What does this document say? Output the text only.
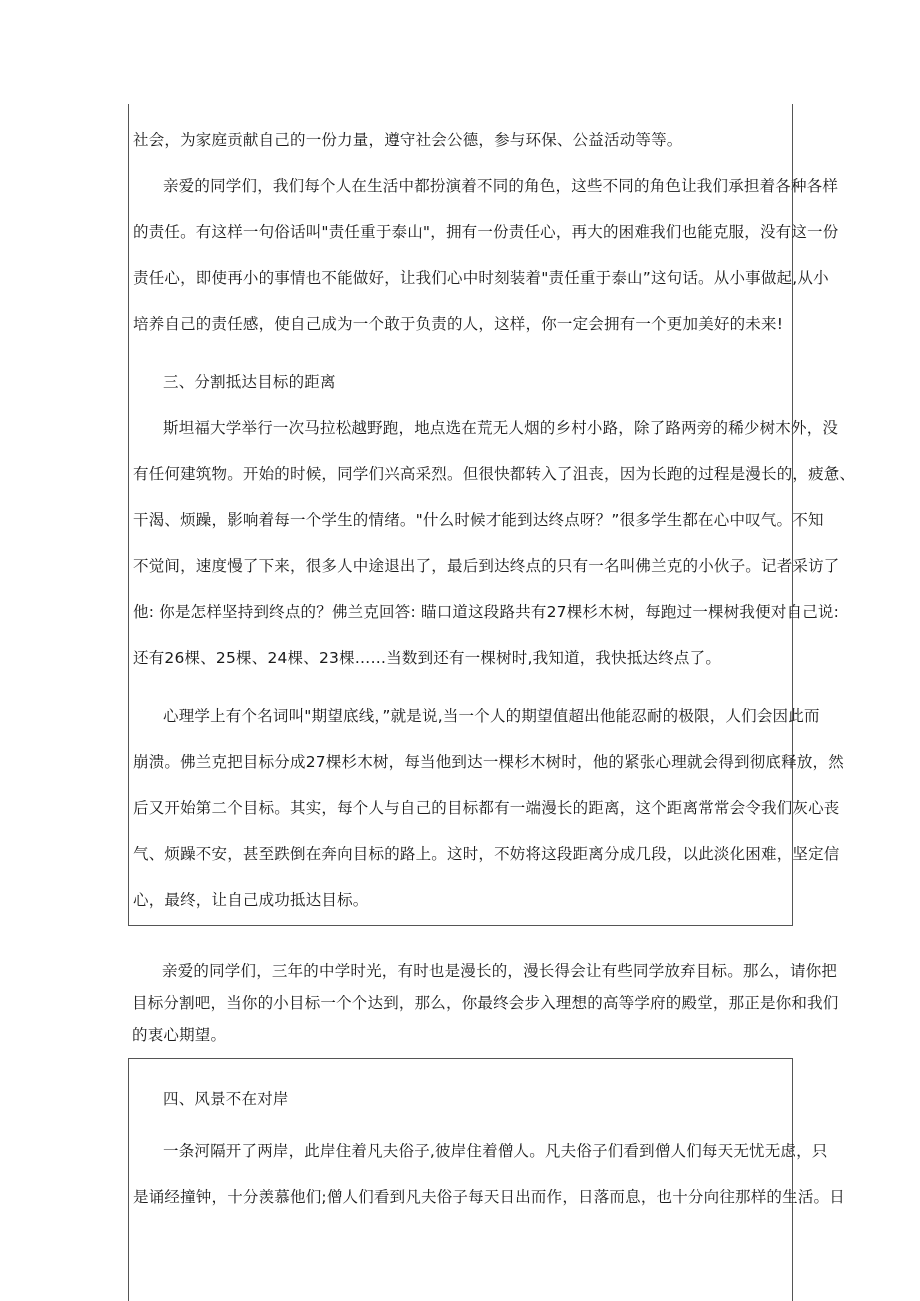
社会，为家庭贡献自己的一份力量，遵守社会公德，参与环保、公益活动等等。
亲爱的同学们，我们每个人在生活中都扮演着不同的角色，这些不同的角色让我们承担着各种各样
的责任。有这样一句俗话叫"责任重于泰山"，拥有一份责任心，再大的困难我们也能克服，没有这一份
责任心，即使再小的事情也不能做好，让我们心中时刻装着"责任重于泰山”这句话。从小事做起,从小
培养自己的责任感，使自己成为一个敢于负责的人，这样，你一定会拥有一个更加美好的未来!
三、分割抵达目标的距离
斯坦福大学举行一次马拉松越野跑，地点选在荒无人烟的乡村小路，除了路两旁的稀少树木外，没
有任何建筑物。开始的时候，同学们兴高采烈。但很快都转入了沮丧，因为长跑的过程是漫长的，疲惫、
干渴、烦躁，影响着每一个学生的情绪。"什么时候才能到达终点呀？”很多学生都在心中叹气。不知
不觉间，速度慢了下来，很多人中途退出了，最后到达终点的只有一名叫佛兰克的小伙子。记者采访了
他: 你是怎样坚持到终点的？佛兰克回答: 瞄口道这段路共有27棵杉木树，每跑过一棵树我便对自己说:
还有26棵、25棵、24棵、23棵……当数到还有一棵树时,我知道，我快抵达终点了。
心理学上有个名词叫"期望底线，”就是说,当一个人的期望值超出他能忍耐的极限，人们会因此而
崩溃。佛兰克把目标分成27棵杉木树，每当他到达一棵杉木树时，他的紧张心理就会得到彻底释放，然
后又开始第二个目标。其实，每个人与自己的目标都有一端漫长的距离，这个距离常常会令我们灰心丧
气、烦躁不安，甚至跌倒在奔向目标的路上。这时，不妨将这段距离分成几段，以此淡化困难，坚定信
心，最终，让自己成功抵达目标。
亲爱的同学们，三年的中学时光，有时也是漫长的，漫长得会让有些同学放弃目标。那么，请你把
目标分割吧，当你的小目标一个个达到，那么，你最终会步入理想的高等学府的殿堂，那正是你和我们
的衷心期望。
四、风景不在对岸
一条河隔开了两岸，此岸住着凡夫俗子,彼岸住着僧人。凡夫俗子们看到僧人们每天无忧无虑，只
是诵经撞钟，十分羡慕他们;僧人们看到凡夫俗子每天日出而作，日落而息，也十分向往那样的生活。日
